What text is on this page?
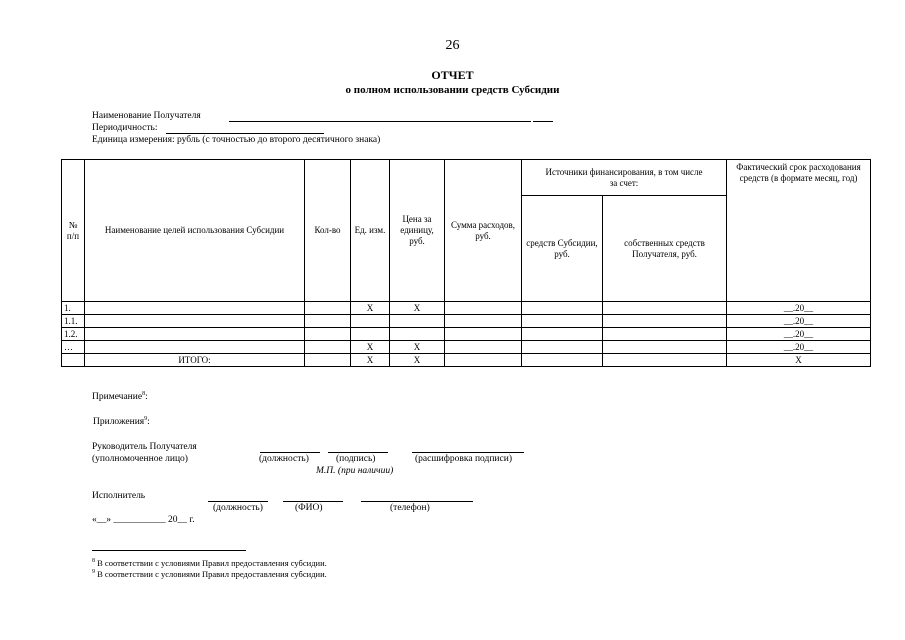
26
ОТЧЕТ
о полном использовании средств Субсидии
Наименование Получателя
Периодичность:
Единица измерения: рубль (с точностью до второго десятичного знака)
№ п/п	Наименование целей использования Субсидии	Кол-во	Ед. изм.	Цена за единицу, руб.	Сумма расходов, руб.	Источники финансирования, в том числе за счет:		Фактический срок расходования средств (в формате месяц, год)
						средств Субсидии, руб.	собственных средств Получателя, руб.	
1.			Х	Х				__.20__
1.1.								__.20__
1.2.								__.20__
…			Х	Х				__.20__
	ИТОГО:		Х	Х				Х
Примечание$^8$:
Приложения$^9$:
Руководитель Получателя
(уполномоченное лицо)	(должность)	(подпись)	(расшифровка подписи)
М.П. (при наличии)
Исполнитель
(должность)	(ФИО)	(телефон)
«__» ___________ 20__ г.
$^8$ В соответствии с условиями Правил предоставления субсидии.
$^9$ В соответствии с условиями Правил предоставления субсидии.
